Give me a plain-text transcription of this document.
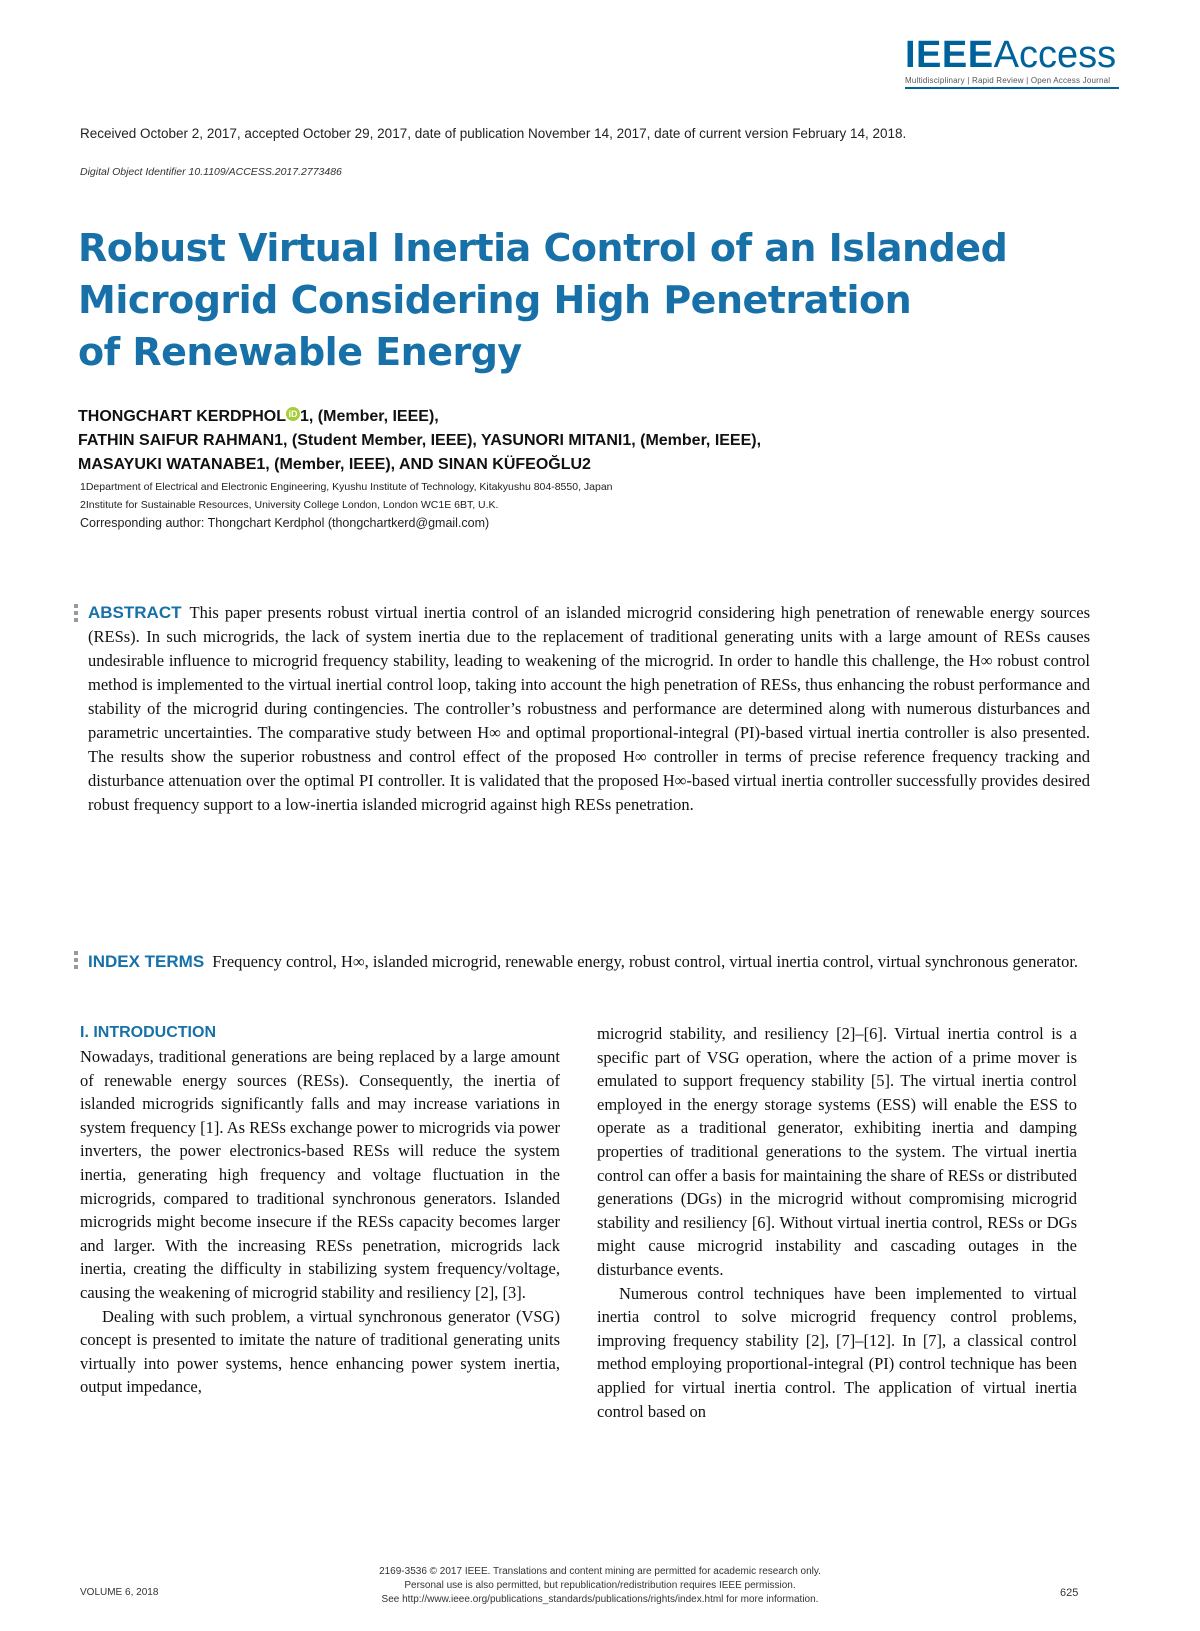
IEEEAccess
Multidisciplinary | Rapid Review | Open Access Journal
Received October 2, 2017, accepted October 29, 2017, date of publication November 14, 2017, date of current version February 14, 2018.
Digital Object Identifier 10.1109/ACCESS.2017.2773486
Robust Virtual Inertia Control of an Islanded
Microgrid Considering High Penetration
of Renewable Energy
THONGCHART KERDPHOL iD 1, (Member, IEEE),
FATHIN SAIFUR RAHMAN1, (Student Member, IEEE), YASUNORI MITANI1, (Member, IEEE),
MASAYUKI WATANABE1, (Member, IEEE), AND SINAN KÜFEOĞLU2
1Department of Electrical and Electronic Engineering, Kyushu Institute of Technology, Kitakyushu 804-8550, Japan
2Institute for Sustainable Resources, University College London, London WC1E 6BT, U.K.
Corresponding author: Thongchart Kerdphol (thongchartkerd@gmail.com)

ABSTRACT This paper presents robust virtual inertia control of an islanded microgrid considering high penetration of renewable energy sources (RESs). In such microgrids, the lack of system inertia due to the replacement of traditional generating units with a large amount of RESs causes undesirable influence to microgrid frequency stability, leading to weakening of the microgrid. In order to handle this challenge, the H∞ robust control method is implemented to the virtual inertial control loop, taking into account the high penetration of RESs, thus enhancing the robust performance and stability of the microgrid during contingencies. The controller’s robustness and performance are determined along with numerous disturbances and parametric uncertainties. The comparative study between H∞ and optimal proportional-integral (PI)-based virtual inertia controller is also presented. The results show the superior robustness and control effect of the proposed H∞ controller in terms of precise reference frequency tracking and disturbance attenuation over the optimal PI controller. It is validated that the proposed H∞-based virtual inertia controller successfully provides desired robust frequency support to a low-inertia islanded microgrid against high RESs penetration.

INDEX TERMS Frequency control, H∞, islanded microgrid, renewable energy, robust control, virtual inertia control, virtual synchronous generator.

I. INTRODUCTION

Nowadays, traditional generations are being replaced by a large amount of renewable energy sources (RESs). Consequently, the inertia of islanded microgrids significantly falls and may increase variations in system frequency [1]. As RESs exchange power to microgrids via power inverters, the power electronics-based RESs will reduce the system inertia, generating high frequency and voltage fluctuation in the microgrids, compared to traditional synchronous generators. Islanded microgrids might become insecure if the RESs capacity becomes larger and larger. With the increasing RESs penetration, microgrids lack inertia, creating the difficulty in stabilizing system frequency/voltage, causing the weakening of microgrid stability and resiliency [2], [3].

Dealing with such problem, a virtual synchronous generator (VSG) concept is presented to imitate the nature of traditional generating units virtually into power systems, hence enhancing power system inertia, output impedance,

microgrid stability, and resiliency [2]–[6]. Virtual inertia control is a specific part of VSG operation, where the action of a prime mover is emulated to support frequency stability [5]. The virtual inertia control employed in the energy storage systems (ESS) will enable the ESS to operate as a traditional generator, exhibiting inertia and damping properties of traditional generations to the system. The virtual inertia control can offer a basis for maintaining the share of RESs or distributed generations (DGs) in the microgrid without compromising microgrid stability and resiliency [6]. Without virtual inertia control, RESs or DGs might cause microgrid instability and cascading outages in the disturbance events.

Numerous control techniques have been implemented to virtual inertia control to solve microgrid frequency control problems, improving frequency stability [2], [7]–[12]. In [7], a classical control method employing proportional-integral (PI) control technique has been applied for virtual inertia control. The application of virtual inertia control based on

2169-3536 © 2017 IEEE. Translations and content mining are permitted for academic research only.
Personal use is also permitted, but republication/redistribution requires IEEE permission.
See http://www.ieee.org/publications_standards/publications/rights/index.html for more information.
VOLUME 6, 2018	625
